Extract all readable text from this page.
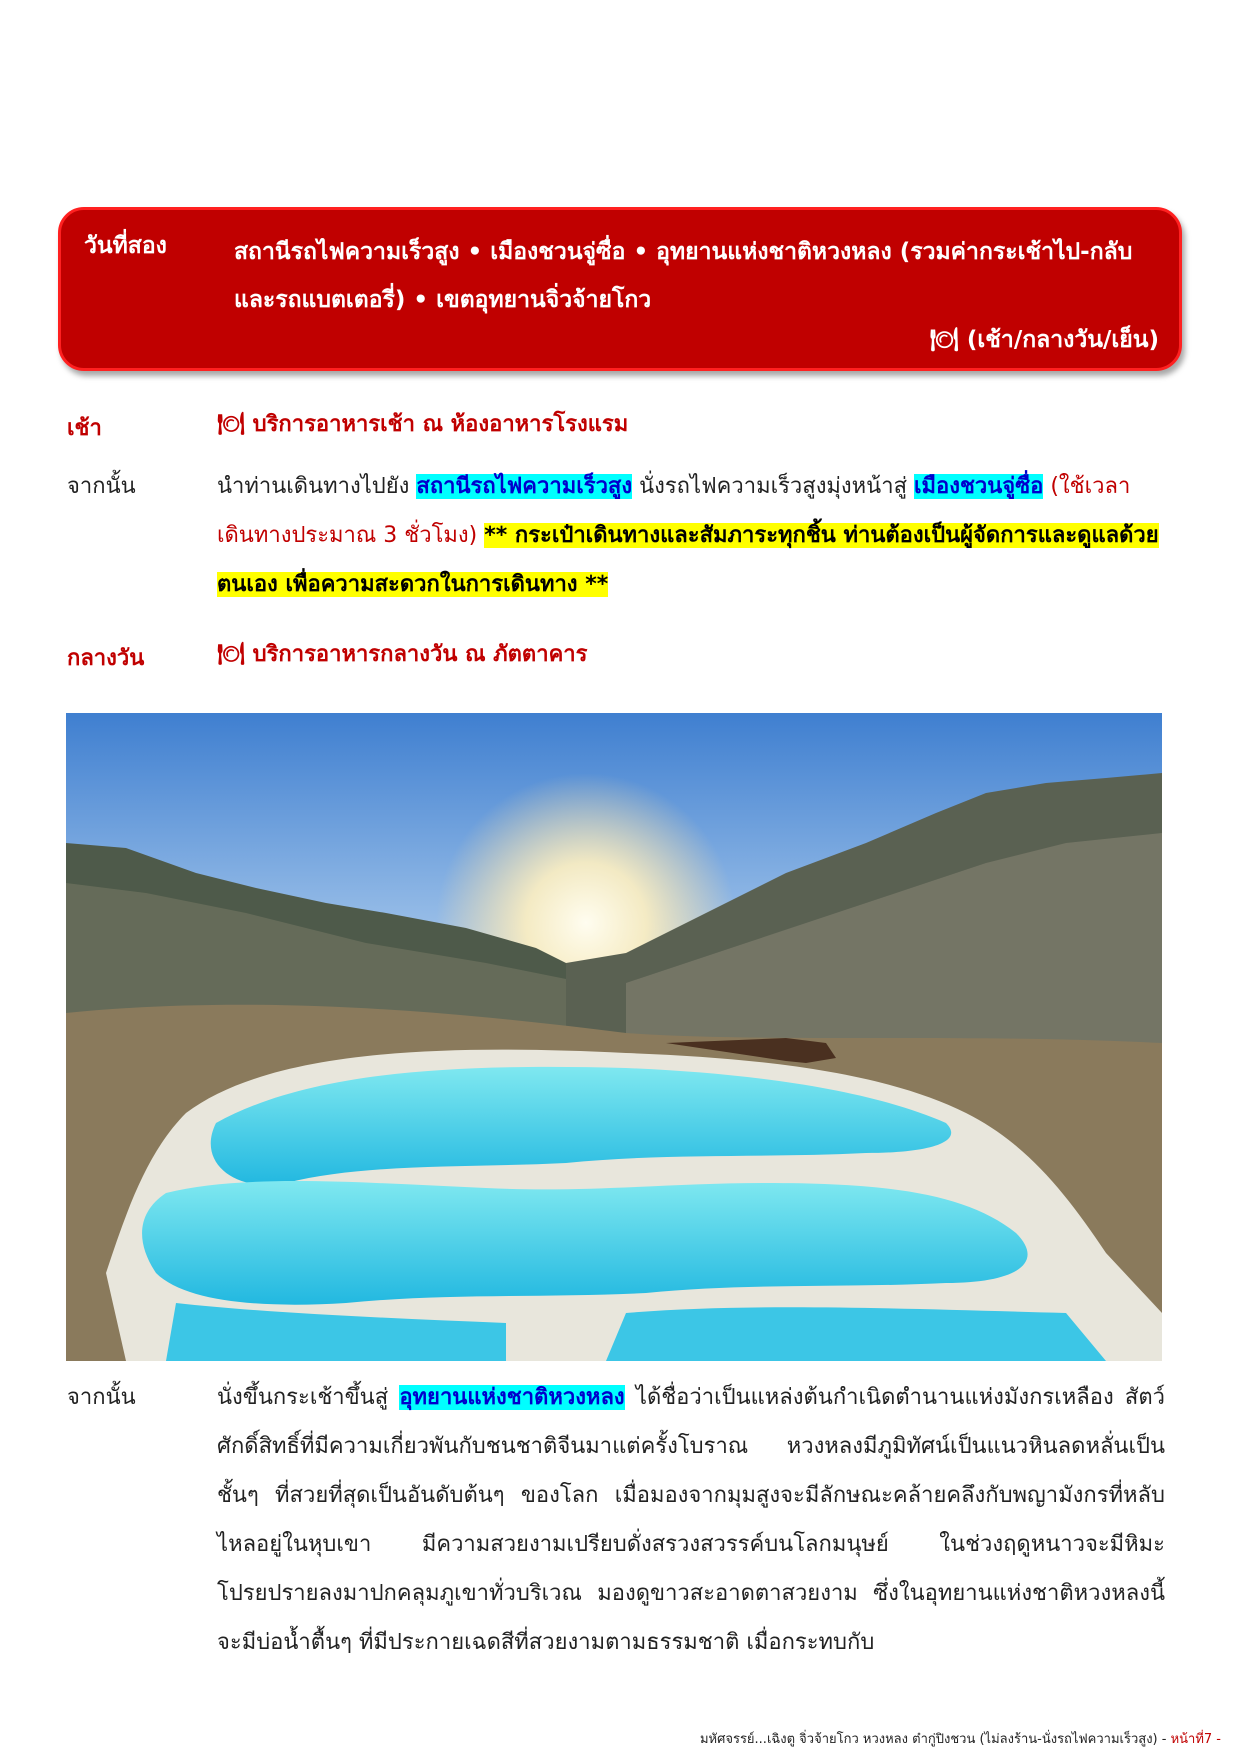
วันที่สอง	สถานีรถไฟความเร็วสูง • เมืองชวนจู่ซื่อ • อุทยานแห่งชาติหวงหลง (รวมค่ากระเช้าไป-กลับและรถแบตเตอรี่) • เขตอุทยานจิ่วจ้ายโกว
🍽︎ (เช้า/กลางวัน/เย็น)
เช้า	🍽︎ บริการอาหารเช้า ณ ห้องอาหารโรงแรม
จากนั้น	นำท่านเดินทางไปยัง สถานีรถไฟความเร็วสูง นั่งรถไฟความเร็วสูงมุ่งหน้าสู่ เมืองชวนจู่ซื่อ (ใช้เวลาเดินทางประมาณ 3 ชั่วโมง) ** กระเป๋าเดินทางและสัมภาระทุกชิ้น ท่านต้องเป็นผู้จัดการและดูแลด้วยตนเอง เพื่อความสะดวกในการเดินทาง **
กลางวัน	🍽︎ บริการอาหารกลางวัน ณ ภัตตาคาร
จากนั้น	นั่งขึ้นกระเช้าขึ้นสู่ อุทยานแห่งชาติหวงหลง ได้ชื่อว่าเป็นแหล่งต้นกำเนิดตำนานแห่งมังกรเหลือง สัตว์ศักดิ์สิทธิ์ที่มีความเกี่ยวพันกับชนชาติจีนมาแต่ครั้งโบราณ หวงหลงมีภูมิทัศน์เป็นแนวหินลดหลั่นเป็นชั้นๆ ที่สวยที่สุดเป็นอันดับต้นๆ ของโลก เมื่อมองจากมุมสูงจะมีลักษณะคล้ายคลึงกับพญามังกรที่หลับไหลอยู่ในหุบเขา มีความสวยงามเปรียบดั่งสรวงสวรรค์บนโลกมนุษย์ ในช่วงฤดูหนาวจะมีหิมะโปรยปรายลงมาปกคลุมภูเขาทั่วบริเวณ มองดูขาวสะอาดตาสวยงาม ซึ่งในอุทยานแห่งชาติหวงหลงนี้จะมีบ่อน้ำตื้นๆ ที่มีประกายเฉดสีที่สวยงามตามธรรมชาติ เมื่อกระทบกับ
มหัศจรรย์...เฉิงตู จิ่วจ้ายโกว หวงหลง ต๋ากู่ปิงชวน (ไม่ลงร้าน-นั่งรถไฟความเร็วสูง) - หน้าที่7 -
